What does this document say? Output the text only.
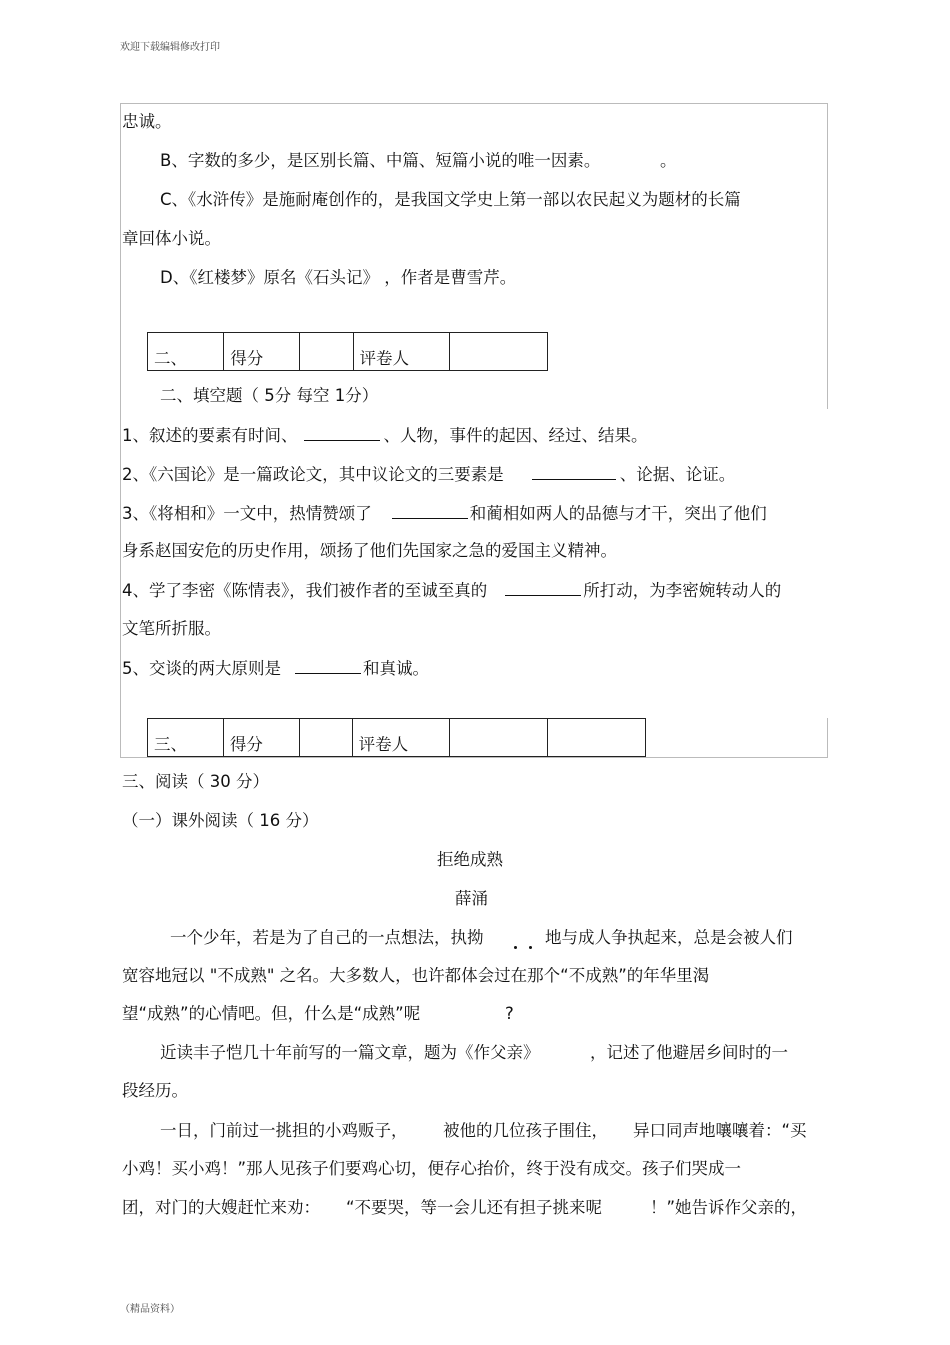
欢迎下载编辑修改打印
（精品资料）
忠诚。
B、字数的多少，是区别长篇、中篇、短篇小说的唯一因素。	。
C、《水浒传》是施耐庵创作的，是我国文学史上第一部以农民起义为题材的长篇
章回体小说。
D、《红楼梦》原名《石头记》 ，作者是曹雪芹。
二、	得分		评卷人

二、填空题（ 5分 每空 1分）
1、叙述的要素有时间、	、人物，事件的起因、经过、结果。
2、《六国论》是一篇政论文，其中议论文的三要素是	、论据、论证。
3、《将相和》一文中，热情赞颂了	和蔺相如两人的品德与才干，突出了他们
身系赵国安危的历史作用，颂扬了他们先国家之急的爱国主义精神。
4、学了李密《陈情表》，我们被作者的至诚至真的	所打动，为李密婉转动人的
文笔所折服。
5、交谈的两大原则是	和真诚。
三、	得分		评卷人

三、阅读（ 30 分）
（一）课外阅读（ 16 分）
拒绝成熟
薛涌
一个少年，若是为了自己的一点想法，执拗	地与成人争执起来，总是会被人们
宽容地冠以 "不成熟" 之名。大多数人，也许都体会过在那个“不成熟”的年华里渴
望“成熟”的心情吧。但，什么是“成熟”呢	?
近读丰子恺几十年前写的一篇文章，题为《作父亲》	，记述了他避居乡间时的一
段经历。
一日，门前过一挑担的小鸡贩子， 被他的几位孩子围住， 异口同声地嚷嚷着：“买
小鸡！买小鸡！”那人见孩子们要鸡心切，便存心抬价，终于没有成交。孩子们哭成一
团，对门的大嫂赶忙来劝： “不要哭，等一会儿还有担子挑来呢	！”她告诉作父亲的，
